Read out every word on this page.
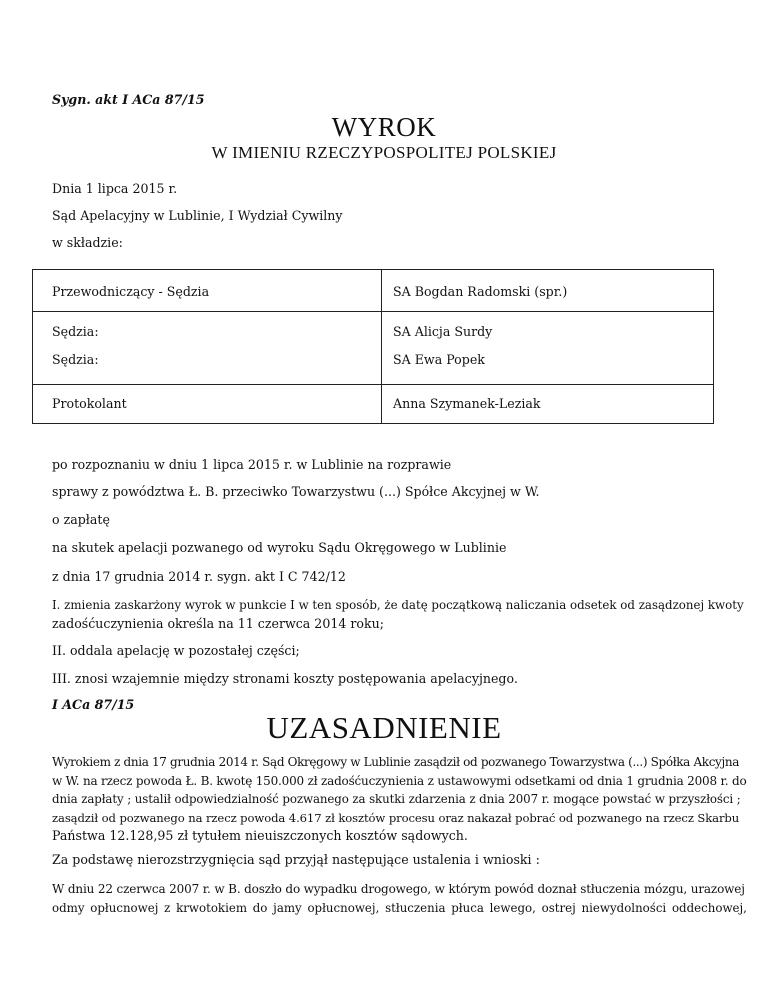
Sygn. akt I ACa 87/15
WYROK
W IMIENIU RZECZYPOSPOLITEJ POLSKIEJ
Dnia 1 lipca 2015 r.
Sąd Apelacyjny w Lublinie, I Wydział Cywilny
w składzie:
Przewodniczący - Sędzia	SA Bogdan Radomski (spr.)
Sędzia:	SA Alicja Surdy
Sędzia:	SA Ewa Popek
Protokolant	Anna Szymanek-Leziak
po rozpoznaniu w dniu 1 lipca 2015 r. w Lublinie na rozprawie
sprawy z powództwa Ł. B. przeciwko Towarzystwu (...) Spółce Akcyjnej w W.
o zapłatę
na skutek apelacji pozwanego od wyroku Sądu Okręgowego w Lublinie
z dnia 17 grudnia 2014 r. sygn. akt I C 742/12
I. zmienia zaskarżony wyrok w punkcie I w ten sposób, że datę początkową naliczania odsetek od zasądzonej kwoty
zadośćuczynienia określa na 11 czerwca 2014 roku;
II. oddala apelację w pozostałej części;
III. znosi wzajemnie między stronami koszty postępowania apelacyjnego.
I ACa 87/15
UZASADNIENIE
Wyrokiem z dnia 17 grudnia 2014 r. Sąd Okręgowy w Lublinie zasądził od pozwanego Towarzystwa (...) Spółka Akcyjna
w W. na rzecz powoda Ł. B. kwotę 150.000 zł zadośćuczynienia z ustawowymi odsetkami od dnia 1 grudnia 2008 r. do
dnia zapłaty ; ustalił odpowiedzialność pozwanego za skutki zdarzenia z dnia 2007 r. mogące powstać w przyszłości ;
zasądził od pozwanego na rzecz powoda 4.617 zł kosztów procesu oraz nakazał pobrać od pozwanego na rzecz Skarbu
Państwa 12.128,95 zł tytułem nieuiszczonych kosztów sądowych.
Za podstawę nierozstrzygnięcia sąd przyjął następujące ustalenia i wnioski :
W dniu 22 czerwca 2007 r. w B. doszło do wypadku drogowego, w którym powód doznał stłuczenia mózgu, urazowej
odmy opłucnowej z krwotokiem do jamy opłucnowej, stłuczenia płuca lewego, ostrej niewydolności oddechowej,
